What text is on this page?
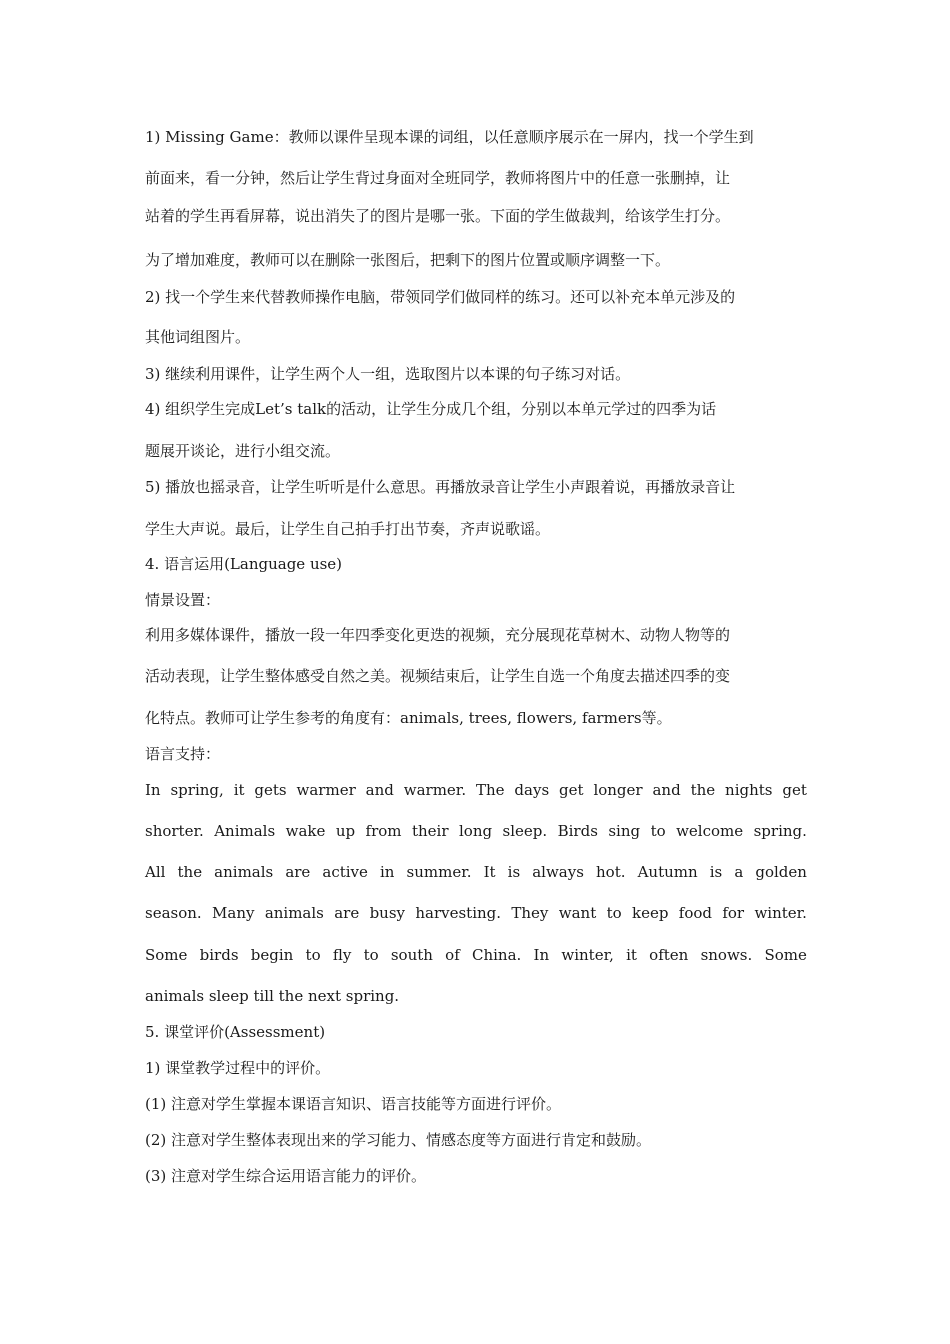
1) Missing Game：教师以课件呈现本课的词组，以任意顺序展示在一屏内，找一个学生到
前面来，看一分钟，然后让学生背过身面对全班同学，教师将图片中的任意一张删掉，让
站着的学生再看屏幕，说出消失了的图片是哪一张。下面的学生做裁判，给该学生打分。
为了增加难度，教师可以在删除一张图后，把剩下的图片位置或顺序调整一下。
2) 找一个学生来代替教师操作电脑，带领同学们做同样的练习。还可以补充本单元涉及的
其他词组图片。
3) 继续利用课件，让学生两个人一组，选取图片以本课的句子练习对话。
4) 组织学生完成Let’s talk的活动，让学生分成几个组，分别以本单元学过的四季为话
题展开谈论，进行小组交流。
5) 播放也摇录音，让学生听听是什么意思。再播放录音让学生小声跟着说，再播放录音让
学生大声说。最后，让学生自己拍手打出节奏，齐声说歌谣。
4. 语言运用(Language use)
情景设置：
利用多媒体课件，播放一段一年四季变化更迭的视频，充分展现花草树木、动物人物等的
活动表现，让学生整体感受自然之美。视频结束后，让学生自选一个角度去描述四季的变
化特点。教师可让学生参考的角度有：animals, trees, flowers, farmers等。
语言支持：
In spring, it gets warmer and warmer. The days get longer and the nights get
shorter. Animals wake up from their long sleep. Birds sing to welcome spring.
All the animals are active in summer. It is always hot. Autumn is a golden
season. Many animals are busy harvesting. They want to keep food for winter.
Some birds begin to fly to south of China. In winter, it often snows. Some
animals sleep till the next spring.
5. 课堂评价(Assessment)
1) 课堂教学过程中的评价。
(1) 注意对学生掌握本课语言知识、语言技能等方面进行评价。
(2) 注意对学生整体表现出来的学习能力、情感态度等方面进行肯定和鼓励。
(3) 注意对学生综合运用语言能力的评价。
